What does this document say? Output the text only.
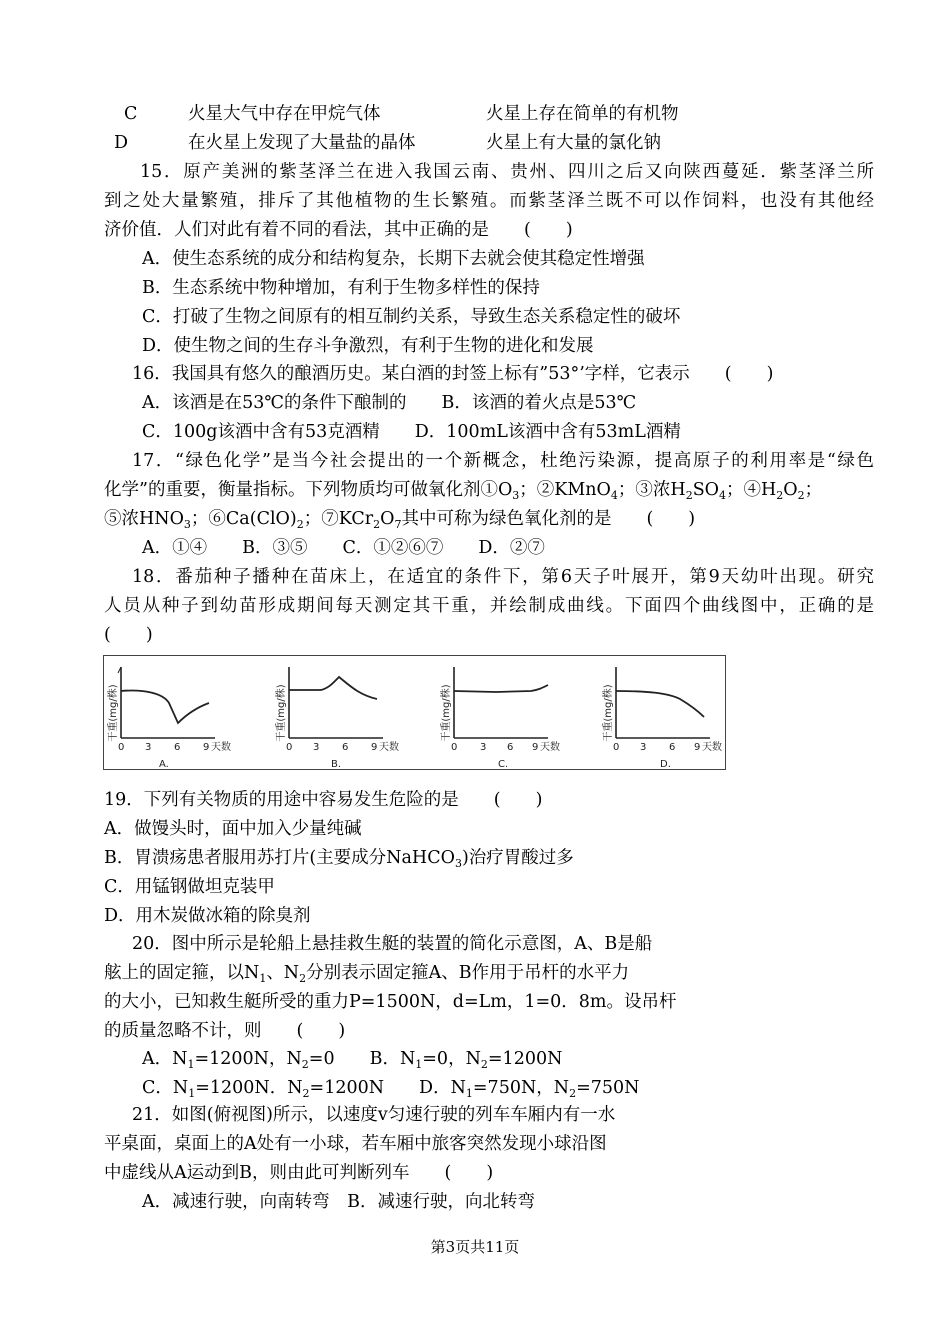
C	火星大气中存在甲烷气体	火星上存在简单的有机物
D	在火星上发现了大量盐的晶体	火星上有大量的氯化钠
15．原产美洲的紫茎泽兰在进入我国云南、贵州、四川之后又向陕西蔓延．紫茎泽兰所
到之处大量繁殖，排斥了其他植物的生长繁殖。而紫茎泽兰既不可以作饲料，也没有其他经
济价值．人们对此有着不同的看法，其中正确的是　　(　　)
A．使生态系统的成分和结构复杂，长期下去就会使其稳定性增强
B．生态系统中物种增加，有利于生物多样性的保持
C．打破了生物之间原有的相互制约关系，导致生态关系稳定性的破坏
D．使生物之间的生存斗争激烈，有利于生物的进化和发展
16．我国具有悠久的酿酒历史。某白酒的封签上标有”53°’字样，它表示　　(　　)
A．该酒是在53℃的条件下酿制的　　B．该酒的着火点是53℃
C．100g该酒中含有53克酒精　　D．100mL该酒中含有53mL酒精
17．“绿色化学”是当今社会提出的一个新概念，杜绝污染源，提高原子的利用率是“绿色
化学”的重要，衡量指标。下列物质均可做氧化剂$①O_3$；②KMnO$_4$；③浓$H_2SO_4$；$④H_2O_2$；
⑤浓$HNO_3$；$⑥Ca(ClO)_2$；$⑦KCr_2O_7$其中可称为绿色氧化剂的是　　(　　)
A．①④　　B．③⑤　　C．①②⑥⑦　　D．②⑦
18．番茄种子播种在苗床上，在适宜的条件下，第6天子叶展开，第9天幼叶出现。研究
人员从种子到幼苗形成期间每天测定其干重，并绘制成曲线。下面四个曲线图中，正确的是
(　　)
干重(mg/株)
0 3 6 9 天数
A.
干重(mg/株)
0 3 6 9 天数
B.
干重(mg/株)
0 3 6 9 天数
C.
干重(mg/株)
0 3 6 9 天数
D.
19．下列有关物质的用途中容易发生危险的是　　(　　)
A．做馒头时，面中加入少量纯碱
B．胃溃疡患者服用苏打片(主要成分NaHCO$_3$)治疗胃酸过多
C．用锰钢做坦克装甲
D．用木炭做冰箱的除臭剂
20．图中所示是轮船上悬挂救生艇的装置的简化示意图，A、B是船
舷上的固定箍，以$N_1$、$N_2$分别表示固定箍A、B作用于吊杆的水平力
的大小，已知救生艇所受的重力P=1500N，d=Lm，1=0．8m。设吊杆
的质量忽略不计，则　　(　　)
A．$N_1=1200N$，$N_2=0$　　B．$N_1=0$，$N_2=1200N$
C．$N_1=1200N$．$N_2=1200N$　　D．$N_1=750N$，$N_2=750N$
21．如图(俯视图)所示，以速度v匀速行驶的列车车厢内有一水
平桌面，桌面上的A处有一小球，若车厢中旅客突然发现小球沿图
中虚线从A运动到B，则由此可判断列车　　(　　)
A．减速行驶，向南转弯　B．减速行驶，向北转弯
第3页共11页
